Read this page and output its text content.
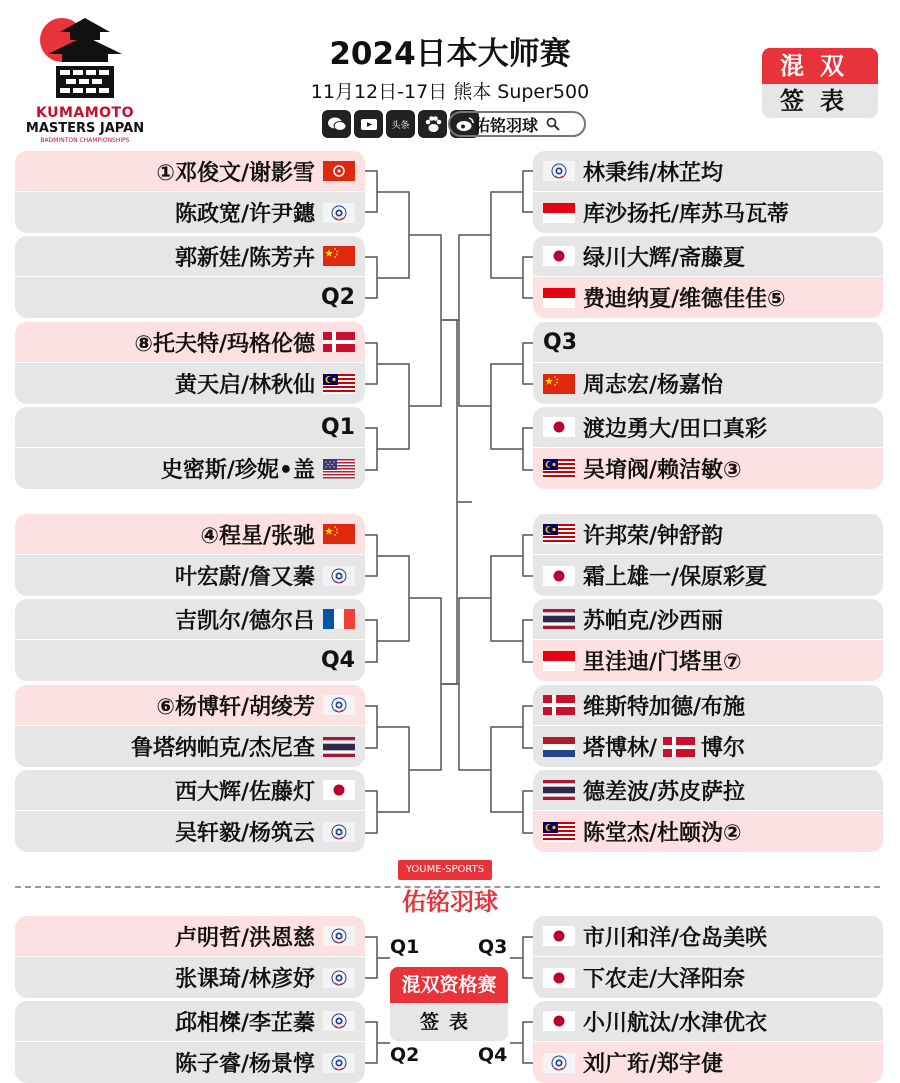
KUMAMOTO
MASTERS JAPAN
BADMINTON CHAMPIONSHIPS
2024日本大师赛
11月12日-17日 熊本 Super500
头条	佑铭羽球
混双
签表
①邓俊文/谢影雪
陈政宽/许尹鏸
郭新娃/陈芳卉
Q2
⑧托夫特/玛格伦德
黄天启/林秋仙
Q1
史密斯/珍妮•盖
④程星/张驰
叶宏蔚/詹又蓁
吉凯尔/德尔吕
Q4
⑥杨博轩/胡绫芳
鲁塔纳帕克/杰尼查
西大辉/佐藤灯
吴轩毅/杨筑云
林秉纬/林芷均
库沙扬托/库苏马瓦蒂
绿川大辉/斋藤夏
费迪纳夏/维德佳佳⑤
Q3
周志宏/杨嘉怡
渡边勇大/田口真彩
吴堉阀/赖洁敏③
许邦荣/钟舒韵
霜上雄一/保原彩夏
苏帕克/沙西丽
里洼迪/门塔里⑦
维斯特加德/布施
塔博林/ 博尔
德差波/苏皮萨拉
陈堂杰/杜颐沩②
YOUME-SPORTS
佑铭羽球
卢明哲/洪恩慈
张课琦/林彦妤
邱相榤/李芷蓁
陈子睿/杨景惇
市川和洋/仓岛美咲
下农走/大泽阳奈
小川航汰/水津优衣
刘广珩/郑宇倢
Q1
Q2
Q3
Q4
混双资格赛
签表
